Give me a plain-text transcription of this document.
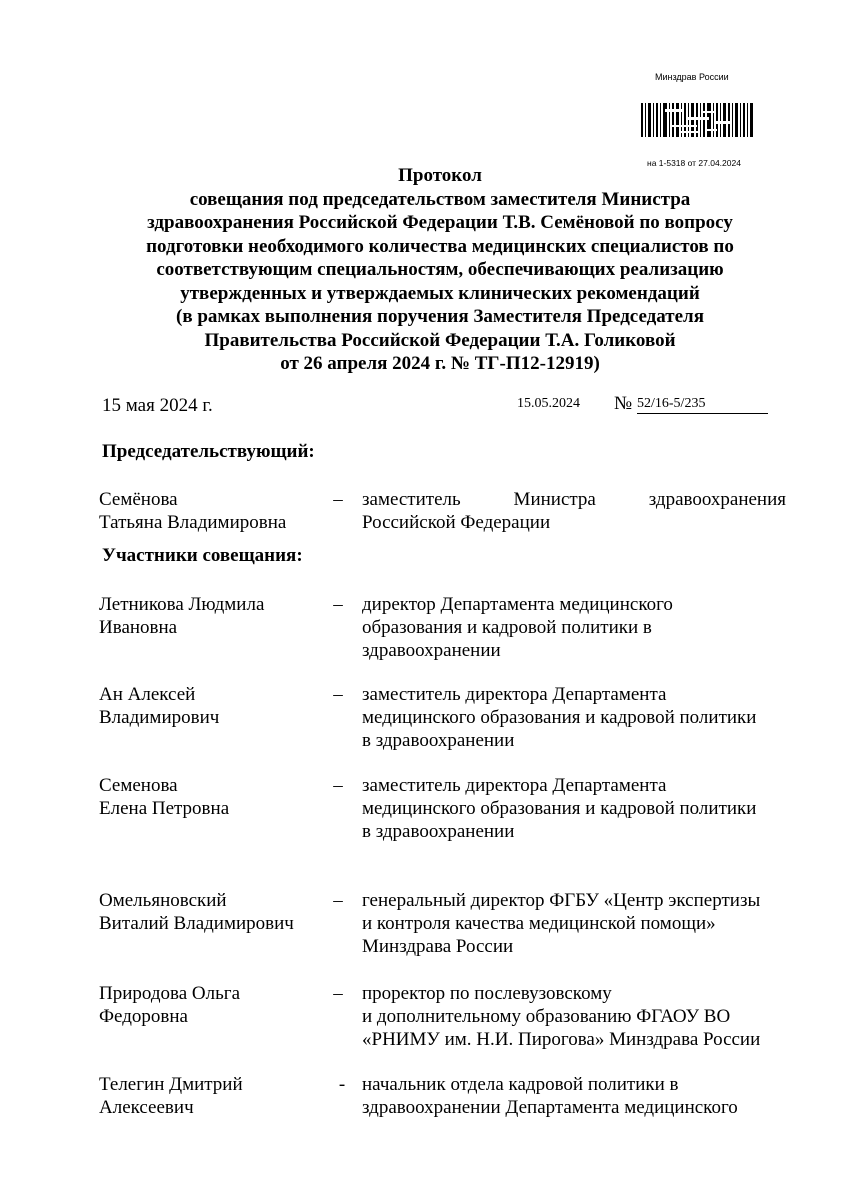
Минздрав России
на 1-5318 от 27.04.2024
Протокол
совещания под председательством заместителя Министра
здравоохранения Российской Федерации Т.В. Семёновой по вопросу
подготовки необходимого количества медицинских специалистов по
соответствующим специальностям, обеспечивающих реализацию
утвержденных и утверждаемых клинических рекомендаций
(в рамках выполнения поручения Заместителя Председателя
Правительства Российской Федерации Т.А. Голиковой
от 26 апреля 2024 г. № ТГ-П12-12919)
15 мая 2024 г.	15.05.2024 № 52/16-5/235
Председательствующий:
Семёнова
Татьяна Владимировна
– заместитель Министра здравоохранения
Российской Федерации
Участники совещания:
Летникова Людмила
Ивановна
– директор Департамента медицинского
образования и кадровой политики в
здравоохранении
Ан Алексей
Владимирович
– заместитель директора Департамента
медицинского образования и кадровой политики
в здравоохранении
Семенова
Елена Петровна
– заместитель директора Департамента
медицинского образования и кадровой политики
в здравоохранении
Омельяновский
Виталий Владимирович
– генеральный директор ФГБУ «Центр экспертизы
и контроля качества медицинской помощи»
Минздрава России
Природова Ольга
Федоровна
– проректор по послевузовскому
и дополнительному образованию ФГАОУ ВО
«РНИМУ им. Н.И. Пирогова» Минздрава России
Телегин Дмитрий
Алексеевич
- начальник отдела кадровой политики в
здравоохранении Департамента медицинского
